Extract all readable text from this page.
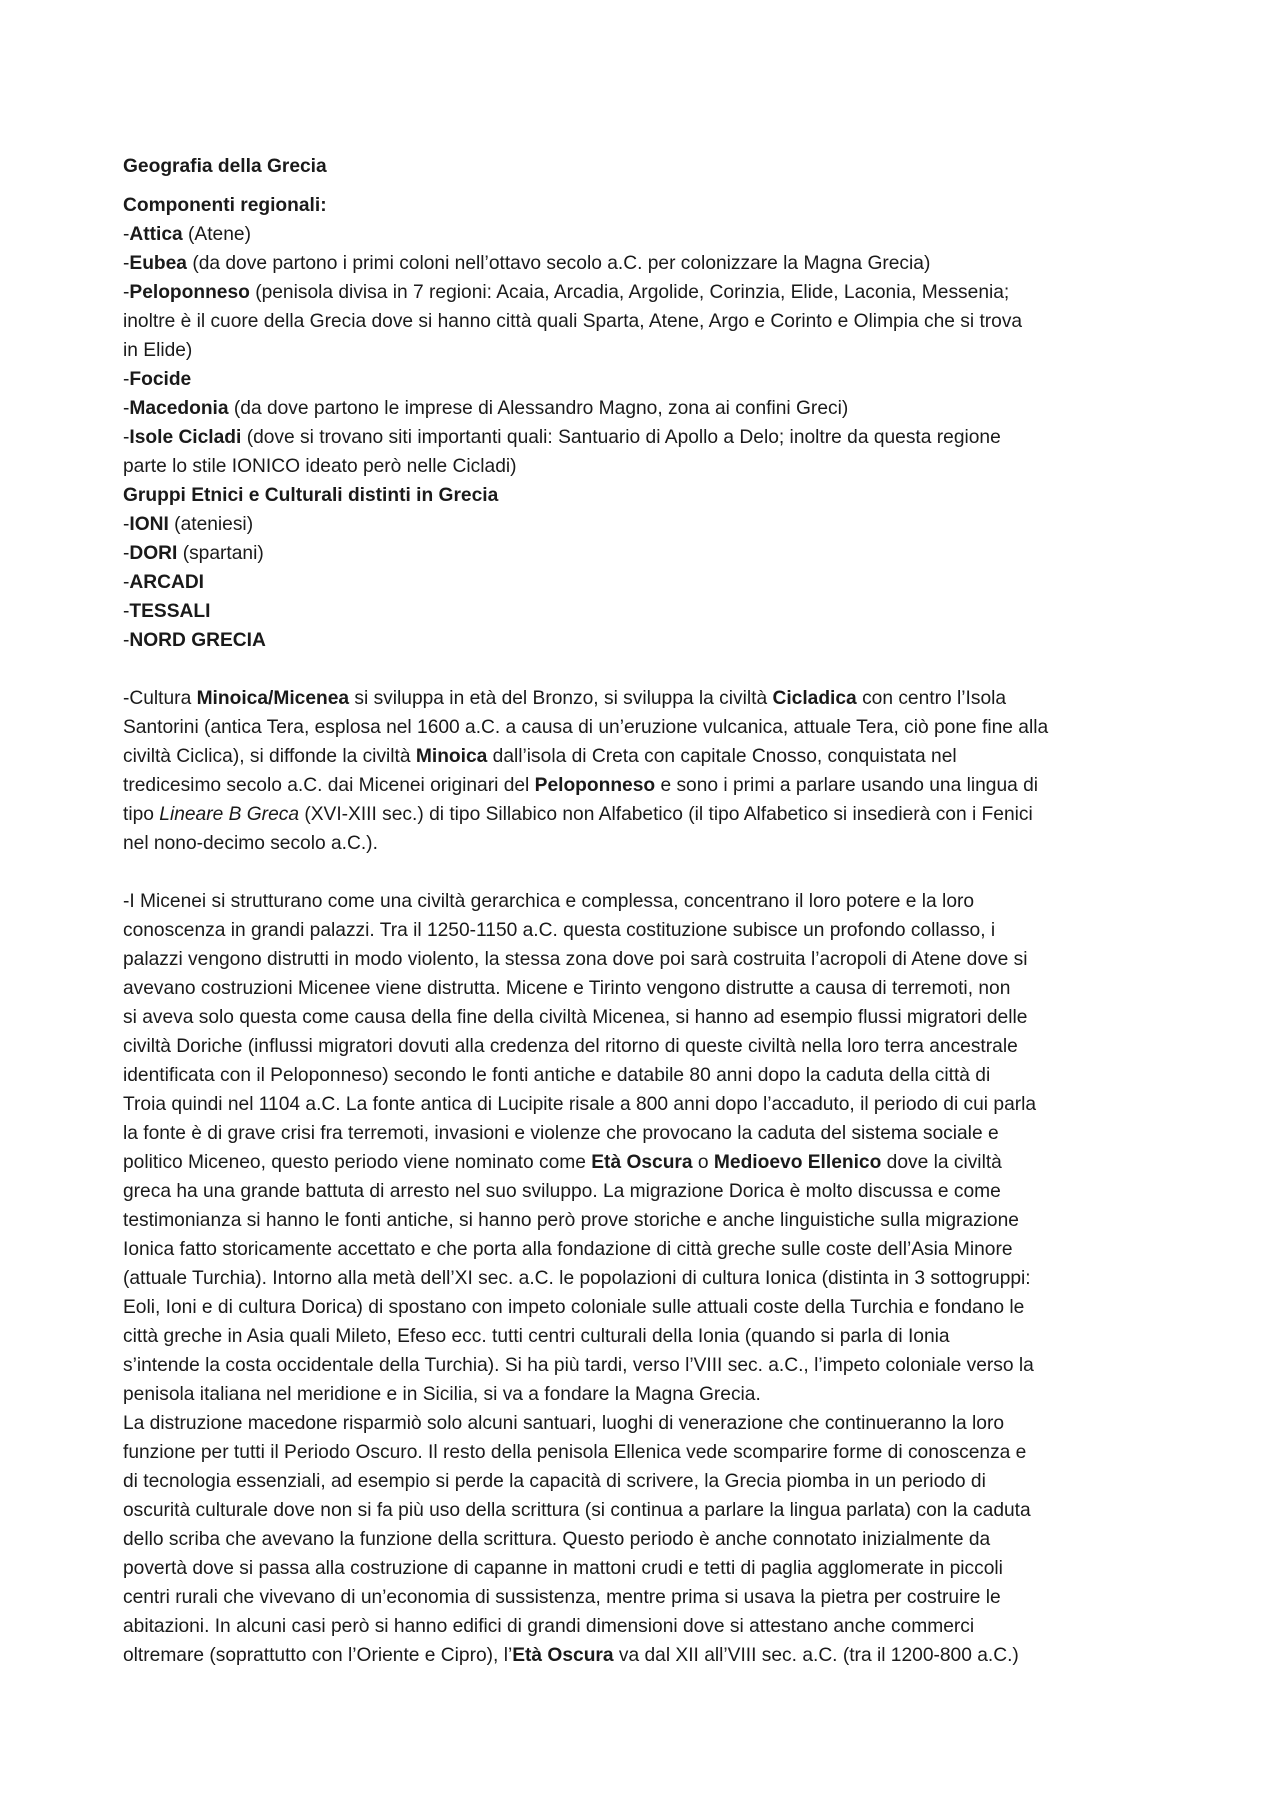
Geografia della Grecia
Componenti regionali:
-Attica (Atene)
-Eubea (da dove partono i primi coloni nell’ottavo secolo a.C. per colonizzare la Magna Grecia)
-Peloponneso (penisola divisa in 7 regioni: Acaia, Arcadia, Argolide, Corinzia, Elide, Laconia, Messenia;
inoltre è il cuore della Grecia dove si hanno città quali Sparta, Atene, Argo e Corinto e Olimpia che si trova
in Elide)
-Focide
-Macedonia (da dove partono le imprese di Alessandro Magno, zona ai confini Greci)
-Isole Cicladi (dove si trovano siti importanti quali: Santuario di Apollo a Delo; inoltre da questa regione
parte lo stile IONICO ideato però nelle Cicladi)
Gruppi Etnici e Culturali distinti in Grecia
-IONI (ateniesi)
-DORI (spartani)
-ARCADI
-TESSALI
-NORD GRECIA
-Cultura Minoica/Micenea si sviluppa in età del Bronzo, si sviluppa la civiltà Cicladica con centro l’Isola
Santorini (antica Tera, esplosa nel 1600 a.C. a causa di un’eruzione vulcanica, attuale Tera, ciò pone fine alla
civiltà Ciclica), si diffonde la civiltà Minoica dall’isola di Creta con capitale Cnosso, conquistata nel
tredicesimo secolo a.C. dai Micenei originari del Peloponneso e sono i primi a parlare usando una lingua di
tipo Lineare B Greca (XVI-XIII sec.) di tipo Sillabico non Alfabetico (il tipo Alfabetico si insedierà con i Fenici
nel nono-decimo secolo a.C.).
-I Micenei si strutturano come una civiltà gerarchica e complessa, concentrano il loro potere e la loro
conoscenza in grandi palazzi. Tra il 1250-1150 a.C. questa costituzione subisce un profondo collasso, i
palazzi vengono distrutti in modo violento, la stessa zona dove poi sarà costruita l’acropoli di Atene dove si
avevano costruzioni Micenee viene distrutta. Micene e Tirinto vengono distrutte a causa di terremoti, non
si aveva solo questa come causa della fine della civiltà Micenea, si hanno ad esempio flussi migratori delle
civiltà Doriche (influssi migratori dovuti alla credenza del ritorno di queste civiltà nella loro terra ancestrale
identificata con il Peloponneso) secondo le fonti antiche e databile 80 anni dopo la caduta della città di
Troia quindi nel 1104 a.C. La fonte antica di Lucipite risale a 800 anni dopo l’accaduto, il periodo di cui parla
la fonte è di grave crisi fra terremoti, invasioni e violenze che provocano la caduta del sistema sociale e
politico Miceneo, questo periodo viene nominato come Età Oscura o Medioevo Ellenico dove la civiltà
greca ha una grande battuta di arresto nel suo sviluppo. La migrazione Dorica è molto discussa e come
testimonianza si hanno le fonti antiche, si hanno però prove storiche e anche linguistiche sulla migrazione
Ionica fatto storicamente accettato e che porta alla fondazione di città greche sulle coste dell’Asia Minore
(attuale Turchia). Intorno alla metà dell’XI sec. a.C. le popolazioni di cultura Ionica (distinta in 3 sottogruppi:
Eoli, Ioni e di cultura Dorica) di spostano con impeto coloniale sulle attuali coste della Turchia e fondano le
città greche in Asia quali Mileto, Efeso ecc. tutti centri culturali della Ionia (quando si parla di Ionia
s’intende la costa occidentale della Turchia). Si ha più tardi, verso l’VIII sec. a.C., l’impeto coloniale verso la
penisola italiana nel meridione e in Sicilia, si va a fondare la Magna Grecia.
La distruzione macedone risparmiò solo alcuni santuari, luoghi di venerazione che continueranno la loro
funzione per tutti il Periodo Oscuro. Il resto della penisola Ellenica vede scomparire forme di conoscenza e
di tecnologia essenziali, ad esempio si perde la capacità di scrivere, la Grecia piomba in un periodo di
oscurità culturale dove non si fa più uso della scrittura (si continua a parlare la lingua parlata) con la caduta
dello scriba che avevano la funzione della scrittura. Questo periodo è anche connotato inizialmente da
povertà dove si passa alla costruzione di capanne in mattoni crudi e tetti di paglia agglomerate in piccoli
centri rurali che vivevano di un’economia di sussistenza, mentre prima si usava la pietra per costruire le
abitazioni. In alcuni casi però si hanno edifici di grandi dimensioni dove si attestano anche commerci
oltremare (soprattutto con l’Oriente e Cipro), l’Età Oscura va dal XII all’VIII sec. a.C. (tra il 1200-800 a.C.)
